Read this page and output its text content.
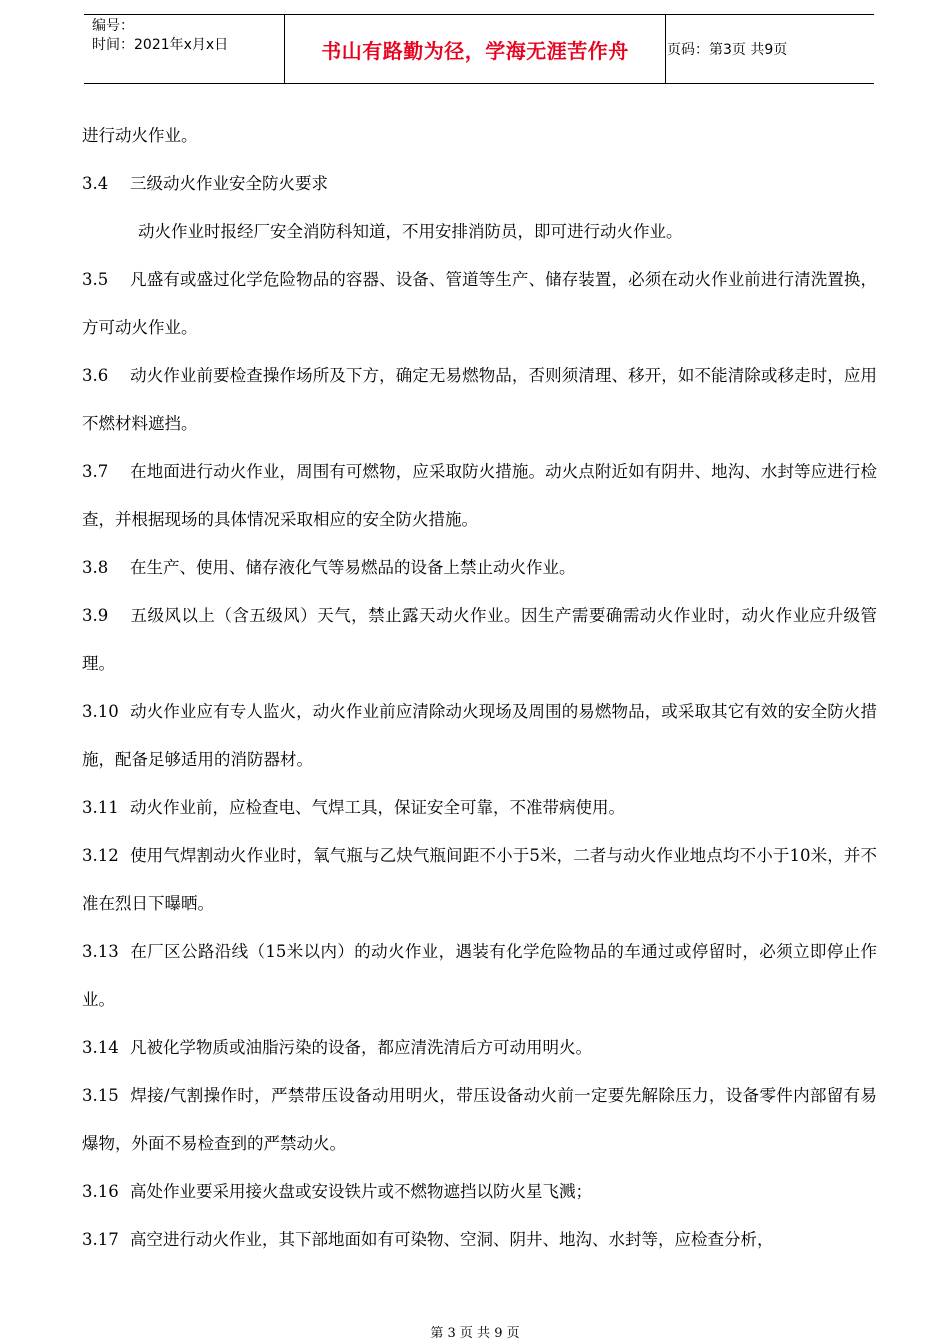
编号：
时间：2021年x月x日	书山有路勤为径，学海无涯苦作舟	页码：第3页 共9页

进行动火作业。

3.4 三级动火作业安全防火要求

动火作业时报经厂安全消防科知道，不用安排消防员，即可进行动火作业。

3.5 凡盛有或盛过化学危险物品的容器、设备、管道等生产、储存装置，必须在动火作业前进行清洗置换，方可动火作业。

3.6 动火作业前要检查操作场所及下方，确定无易燃物品，否则须清理、移开，如不能清除或移走时，应用不燃材料遮挡。

3.7 在地面进行动火作业，周围有可燃物，应采取防火措施。动火点附近如有阴井、地沟、水封等应进行检查，并根据现场的具体情况采取相应的安全防火措施。

3.8 在生产、使用、储存液化气等易燃品的设备上禁止动火作业。

3.9 五级风以上（含五级风）天气，禁止露天动火作业。因生产需要确需动火作业时，动火作业应升级管理。

3.10 动火作业应有专人监火，动火作业前应清除动火现场及周围的易燃物品，或采取其它有效的安全防火措施，配备足够适用的消防器材。

3.11 动火作业前，应检查电、气焊工具，保证安全可靠，不准带病使用。

3.12 使用气焊割动火作业时，氧气瓶与乙炔气瓶间距不小于5米，二者与动火作业地点均不小于10米，并不准在烈日下曝晒。

3.13 在厂区公路沿线（15米以内）的动火作业，遇装有化学危险物品的车通过或停留时，必须立即停止作业。

3.14 凡被化学物质或油脂污染的设备，都应清洗清后方可动用明火。

3.15 焊接/气割操作时，严禁带压设备动用明火，带压设备动火前一定要先解除压力，设备零件内部留有易爆物，外面不易检查到的严禁动火。

3.16 高处作业要采用接火盘或安设铁片或不燃物遮挡以防火星飞溅；

3.17 高空进行动火作业，其下部地面如有可染物、空洞、阴井、地沟、水封等，应检查分析，

第 3 页 共 9 页
